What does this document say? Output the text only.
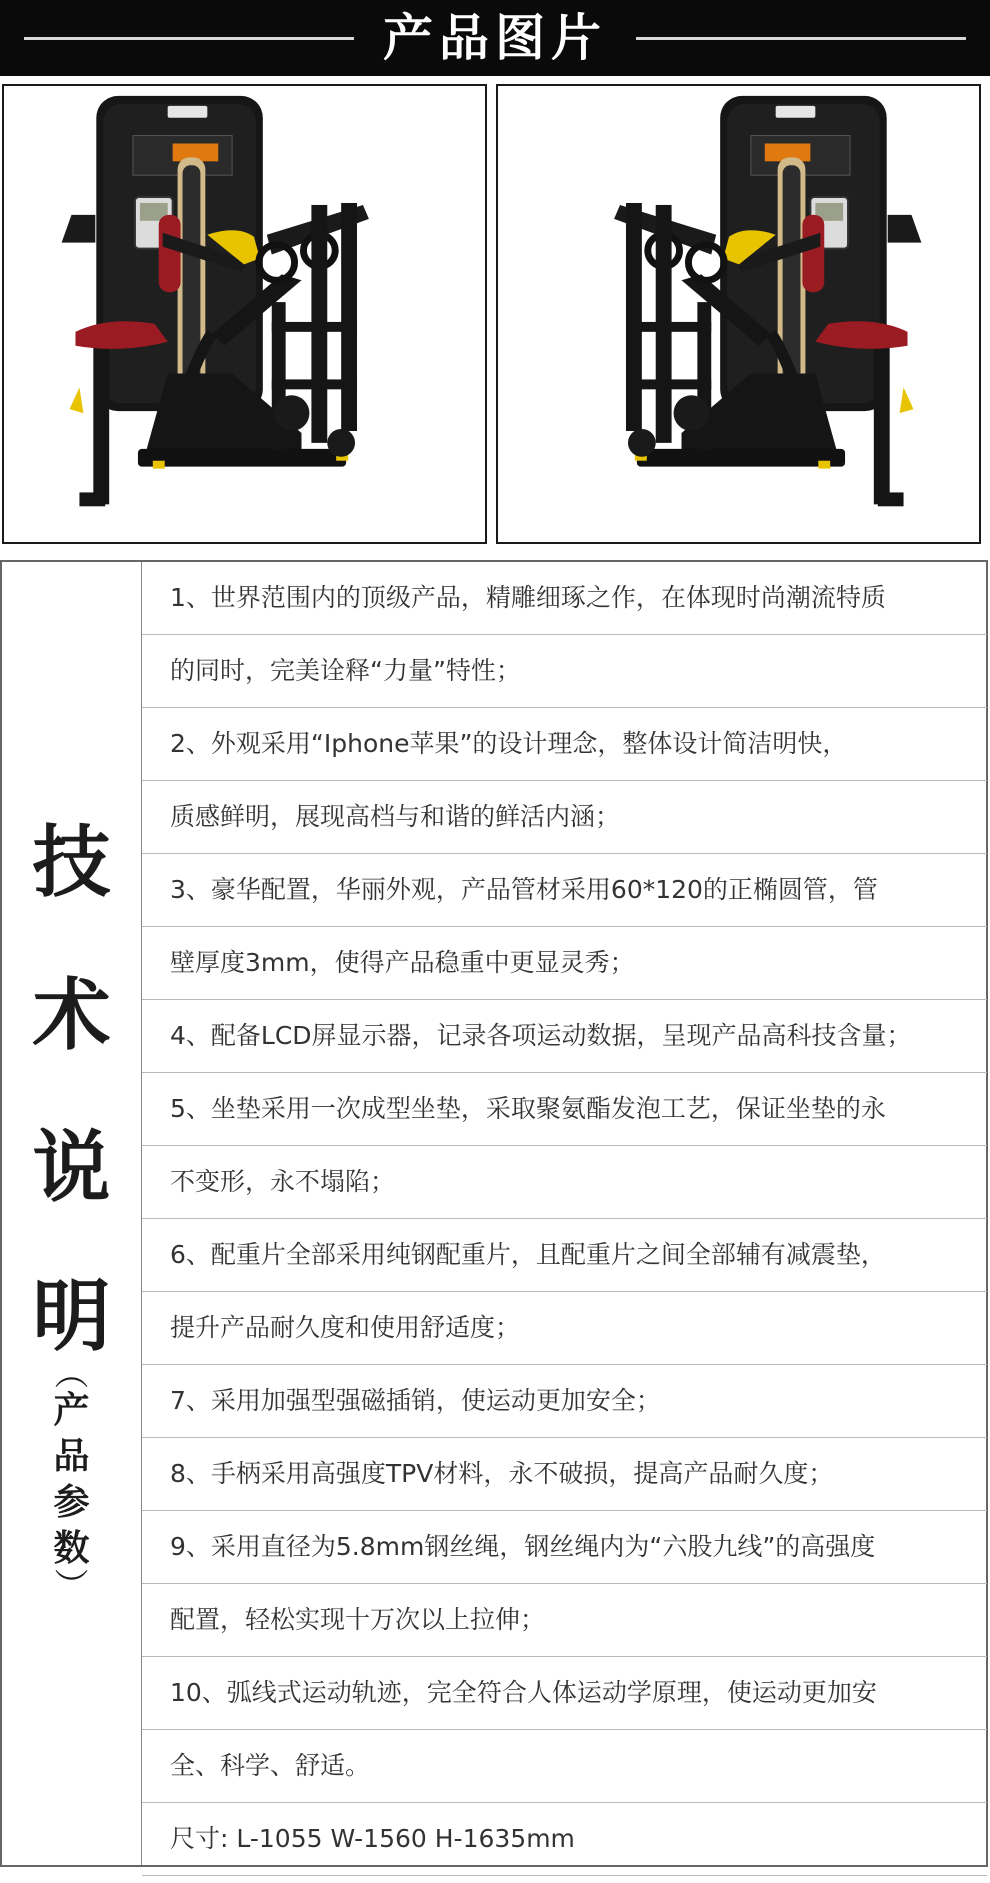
产品图片
技
术
说
明
︵
产
品
参
数
︶
1、世界范围内的顶级产品，精雕细琢之作，在体现时尚潮流特质
的同时，完美诠释“力量”特性；
2、外观采用“Iphone苹果”的设计理念，整体设计简洁明快，
质感鲜明，展现高档与和谐的鲜活内涵；
3、豪华配置，华丽外观，产品管材采用60*120的正椭圆管，管
壁厚度3mm，使得产品稳重中更显灵秀；
4、配备LCD屏显示器，记录各项运动数据，呈现产品高科技含量；
5、坐垫采用一次成型坐垫，采取聚氨酯发泡工艺，保证坐垫的永
不变形，永不塌陷；
6、配重片全部采用纯钢配重片，且配重片之间全部辅有减震垫，
提升产品耐久度和使用舒适度；
7、采用加强型强磁插销，使运动更加安全；
8、手柄采用高强度TPV材料，永不破损，提高产品耐久度；
9、采用直径为5.8mm钢丝绳，钢丝绳内为“六股九线”的高强度
配置，轻松实现十万次以上拉伸；
10、弧线式运动轨迹，完全符合人体运动学原理，使运动更加安
全、科学、舒适。
尺寸: L-1055 W-1560 H-1635mm
